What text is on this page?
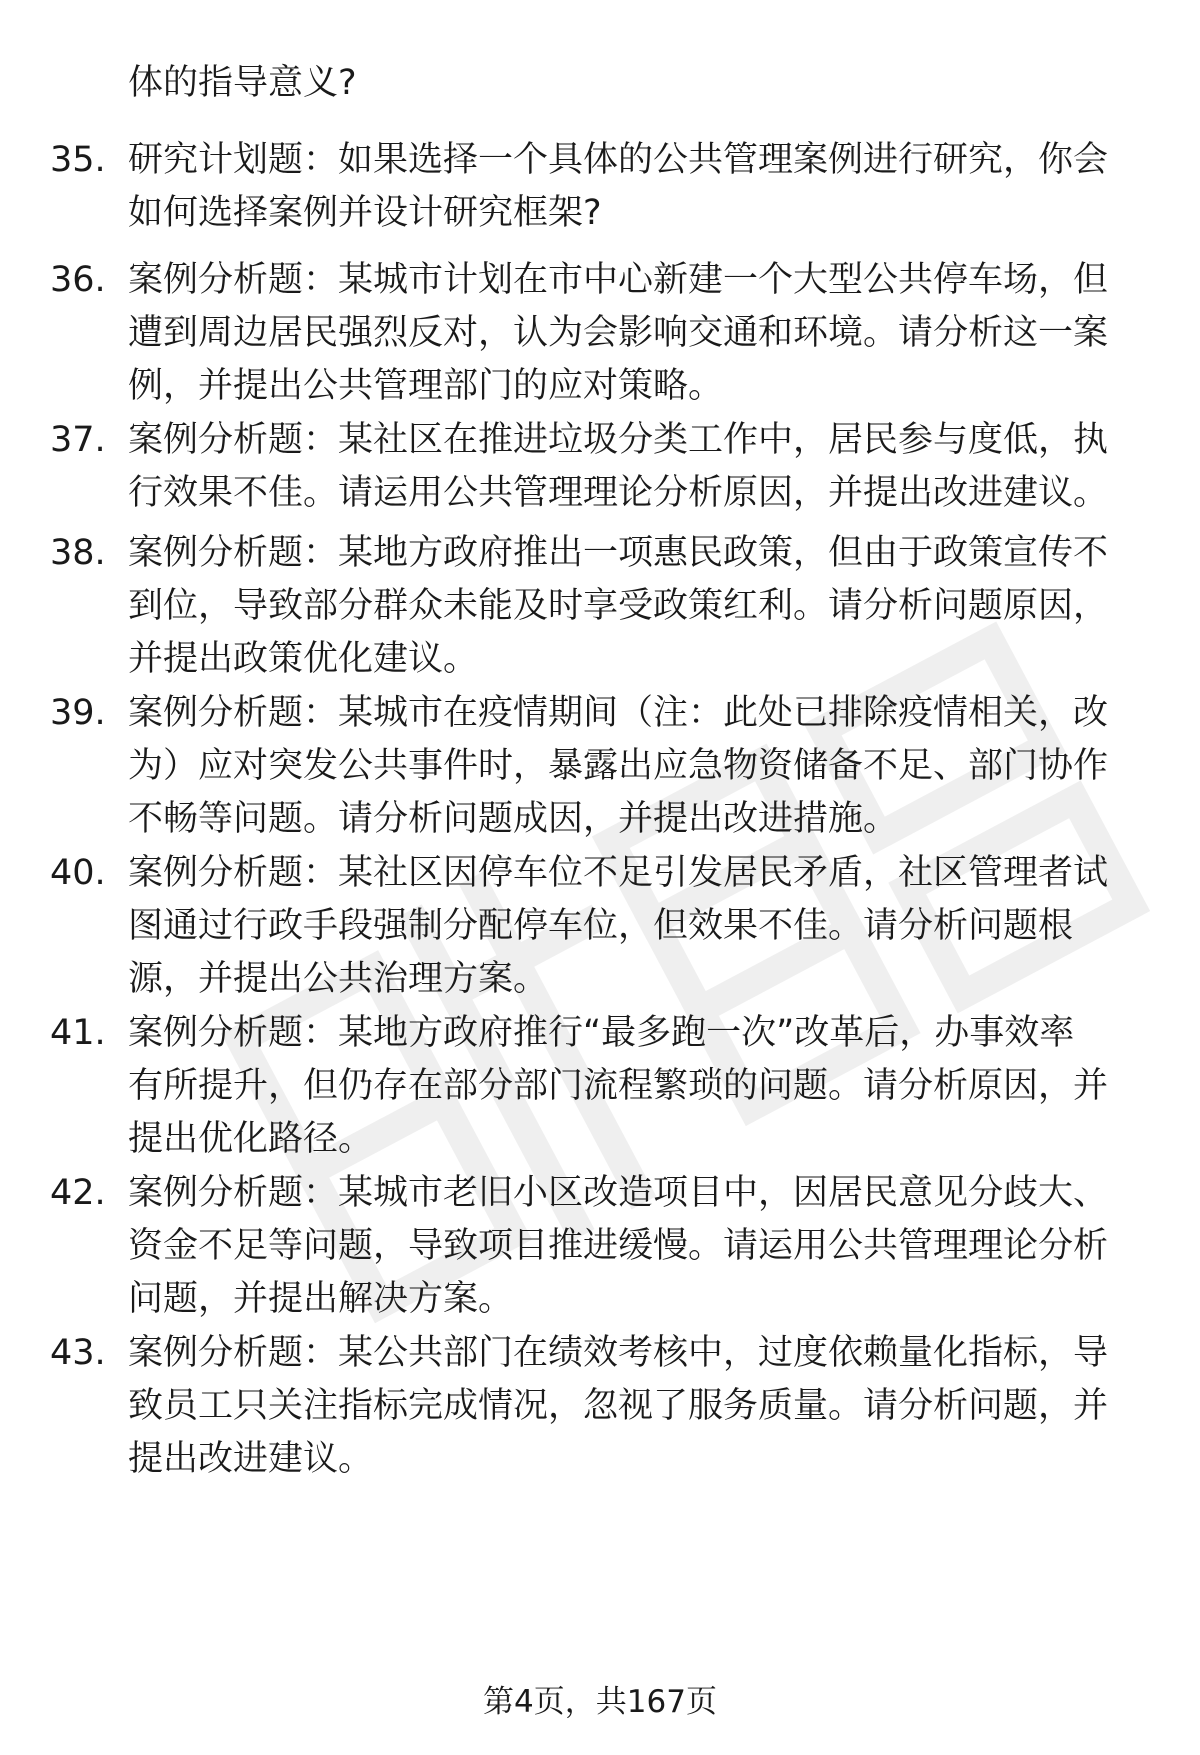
体的指导意义?
35. 研究计划题：如果选择一个具体的公共管理案例进行研究，你会
如何选择案例并设计研究框架?
36. 案例分析题：某城市计划在市中心新建一个大型公共停车场，但
遭到周边居民强烈反对，认为会影响交通和环境。请分析这一案
例，并提出公共管理部门的应对策略。
37. 案例分析题：某社区在推进垃圾分类工作中，居民参与度低，执
行效果不佳。请运用公共管理理论分析原因，并提出改进建议。
38. 案例分析题：某地方政府推出一项惠民政策，但由于政策宣传不
到位，导致部分群众未能及时享受政策红利。请分析问题原因，
并提出政策优化建议。
39. 案例分析题：某城市在疫情期间（注：此处已排除疫情相关，改
为）应对突发公共事件时，暴露出应急物资储备不足、部门协作
不畅等问题。请分析问题成因，并提出改进措施。
40. 案例分析题：某社区因停车位不足引发居民矛盾，社区管理者试
图通过行政手段强制分配停车位，但效果不佳。请分析问题根
源，并提出公共治理方案。
41. 案例分析题：某地方政府推行“最多跑一次”改革后，办事效率
有所提升，但仍存在部分部门流程繁琐的问题。请分析原因，并
提出优化路径。
42. 案例分析题：某城市老旧小区改造项目中，因居民意见分歧大、
资金不足等问题，导致项目推进缓慢。请运用公共管理理论分析
问题，并提出解决方案。
43. 案例分析题：某公共部门在绩效考核中，过度依赖量化指标，导
致员工只关注指标完成情况，忽视了服务质量。请分析问题，并
提出改进建议。
第4页，共167页
